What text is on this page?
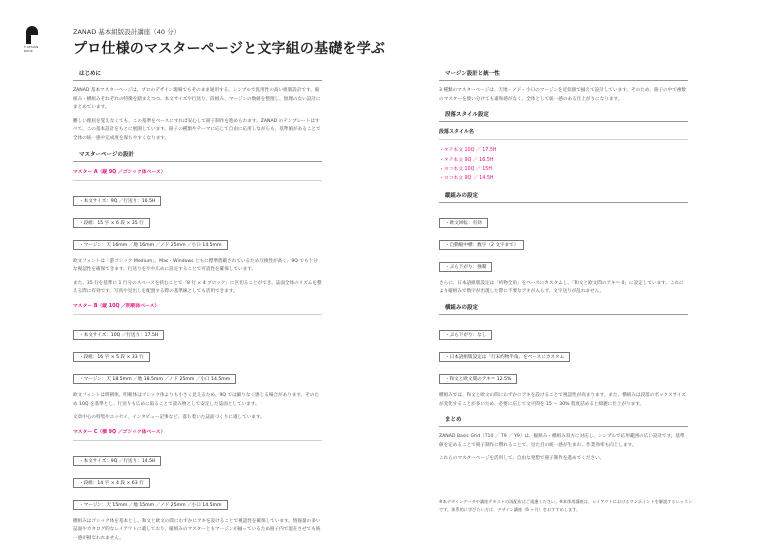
F DESIGN BOOK
ZANAD 基本組版設計講座（40 分）
プロ仕様のマスターページと文字組の基礎を学ぶ
はじめに

ZANAD 基本マスターページは、プロのデザイン現場でもそのまま通用する、シンプルで汎用性の高い組版設計です。縦組み・横組みそれぞれの特徴を踏まえつつ、本文サイズや行送り、段組み、マージンの数値を整理し、無理のない設計にまとめています。

難しい理屈を覚えなくても、この基準をベースにすれば安心して冊子制作を進められます。ZANAD のテンプレートはすべて、この基本設計をもとに展開しています。冊子の種類やテーマに応じて自由に応用しながらも、基準値があることで全体の統一感や完成度を保ちやすくなります。

マスターページの設計
マスター A（縦 9Q ／ゴシック体ベース）
・本文サイズ：9Q ／行送り：16.5H
・段組：15 字 × 6 段 × 35 行
・マージン：天 16mm ／地 16mm ／ノド 25mm ／小口 14.5mm

欧文フォントは「游ゴシック Medium」。Mac・Windows ともに標準搭載されているため互換性が高く、9Q でも十分な視認性を確保できます。行送りをやや広めに設定することで可読性を確保しています。

また、35 行を基準に 1 行分のスペースを挟むことで「8 行 × 4 ブロック」に区切ることができ、誌面全体のリズムを整える際に有効です。写真や見出しを配置する際の基準線としても活用できます。

マスター B（縦 10Q ／明朝体ベース）
・本文サイズ：10Q ／行送り：17.5H
・段組：16 字 × 5 段 × 33 行
・マージン：天 18.5mm ／地 18.5mm ／ノド 25mm ／小口 14.5mm

欧文フォントは明朝体。明朝体はゴシック体よりも小さく見えるため、9Q では細りなく感じる場合があります。そのため 10Q を基準とし、行送りも広めに取ることで読み物として安定した誌面としています。

文章中心の特集やエッセイ、インタビュー記事など、落ち着いた誌面づくりに適しています。

マスター C（横 9Q ／ゴシック体ベース）
・本文サイズ：9Q ／行送り：14.5H
・段組：14 字 × 4 段 × 63 行
・マージン：天 15mm ／地 15mm ／ノド 25mm ／小口 14.5mm

横組みはゴシック体を基本とし、和文と欧文の間にわずかにアキを設けることで視認性を確保しています。情報量の多い誌面やカタログ的なレイアウトに適しており、縦組みのマスターともマージンが揃っているため冊子内で混在させても統一感が損なわれません。

マージン設計と統一性

3 種類のマスターページは、天地・ノド・小口のマージンを近似値で揃えて設計しています。そのため、冊子の中で複数のマスターを使い分けても違和感がなく、全体として統一感のある仕上がりになります。

段落スタイル設定
段落スタイル名
・タテ本文 10Q ／ 17.5H
・タテ本文 9Q ／ 16.5H
・ヨコ本文 10Q ／ 15H
・ヨコ本文 9Q ／ 14.5H
縦組みの設定
・欧文回転：有効
・自動縦中横：数字（2 文字まで）
・ぶら下がり：強制

さらに、日本語組版設定は「約物全角」をベースにカスタムし、「和文と欧文間のアキ＝ 0」に設定しています。これにより縦組みで数字が出現した際に不要なアキが入らず、文字送りが乱れません。

横組みの設定
・ぶら下がり：なし
・日本語組版設定は「行末約物半角」をベースにカスタム
・和文と欧文間のアキ＝ 12.5%

横組みでは、和文と欧文の間にわずかにアキを設けることで視認性が高まります。また、横組みは段落のボックスサイズが変化することが多いため、必要に応じて文字間を 15 ～ 30% 程度詰めると綺麗に仕上がります。

まとめ

ZANAD Basic Grid（T10 ／ T9 ／ Y9）は、縦組み・横組み双方に対応し、シンプルで応用範囲の広い設計です。基準値を定めることで冊子制作に慣れることで、見た目の統一感が生まれ、作業効率も向上します。

これらのマスターページを活用して、自由な発想で冊子制作を進めてください。

※本デザインデータや講座テキストの再配布はご遠慮ください。※本体用講座は、レイアウトにおけるワンポイントを解説するレッスンです。体系的に学びたい方は、デザイン講座（6 ヶ月）をおすすめします。
